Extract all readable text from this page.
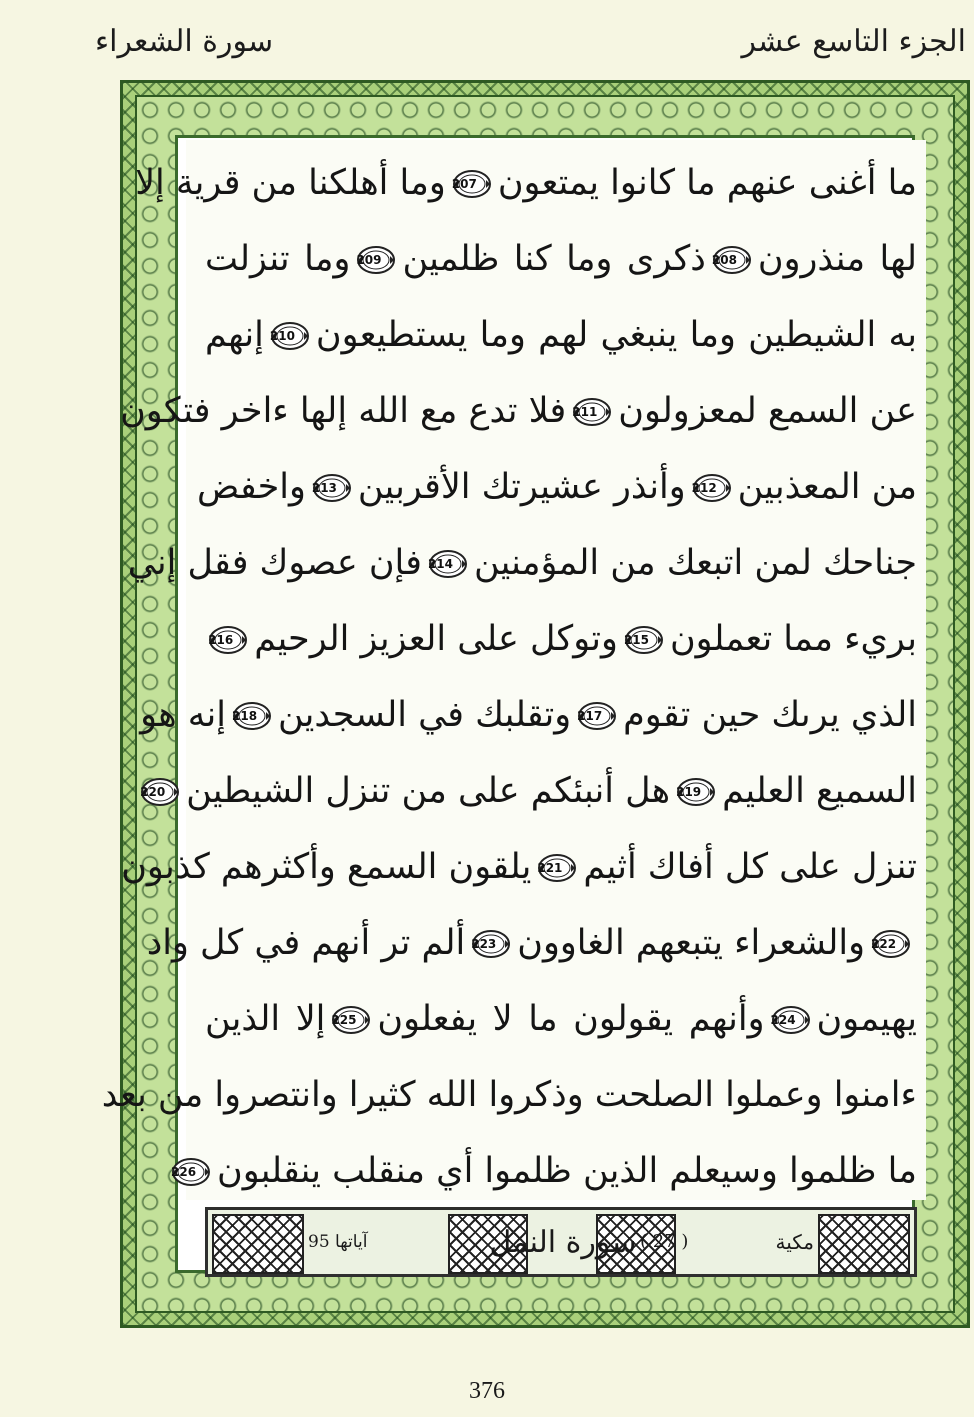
سورة الشعراء	الجزء التاسع عشر
ما أغنى عنهم ما كانوا يمتعون
207
وما أهلكنا من قرية إلا
لها منذرون
208
ذكرى وما كنا ظلمين
209
وما تنزلت
به الشيطين وما ينبغي لهم وما يستطيعون
210
إنهم
عن السمع لمعزولون
211
فلا تدع مع الله إلها ءاخر فتكون
من المعذبين
212
وأنذر عشيرتك الأقربين
213
واخفض
جناحك لمن اتبعك من المؤمنين
214
فإن عصوك فقل إني
بريء مما تعملون
215
وتوكل على العزيز الرحيم
216
الذي يرىك حين تقوم
217
وتقلبك في السجدين
218
إنه هو
السميع العليم
219
هل أنبئكم على من تنزل الشيطين
220
تنزل على كل أفاك أثيم
221
يلقون السمع وأكثرهم كذبون
222
والشعراء يتبعهم الغاوون
223
ألم تر أنهم في كل واد
يهيمون
224
وأنهم يقولون ما لا يفعلون
225
إلا الذين
ءامنوا وعملوا الصلحت وذكروا الله كثيرا وانتصروا من بعد
ما ظلموا وسيعلم الذين ظلموا أي منقلب ينقلبون
226
آياتها 95	سورة النمل ( 27 )	مكية
376
